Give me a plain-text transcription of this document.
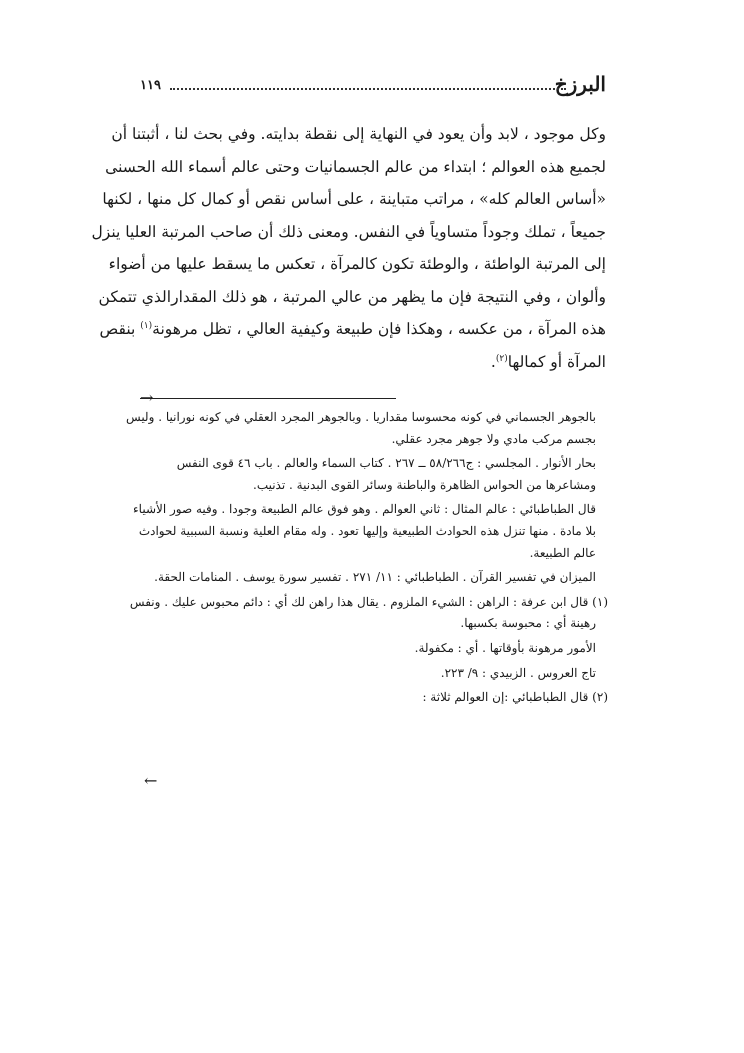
البرزخ
١١٩
وكل موجود ، لابد وأن يعود في النهاية إلى نقطة بدايته. وفي بحث لنا ، أثبتنا أن
لجميع هذه العوالم ؛ ابتداء من عالم الجسمانيات وحتى عالم أسماء الله الحسنى
«أساس العالم كله» ، مراتب متباينة ، على أساس نقص أو كمال كل منها ، لكنها
جميعاً ، تملك وجوداً متساوياً في النفس. ومعنى ذلك أن صاحب المرتبة العليا ينزل
إلى المرتبة الواطئة ، والوطئة تكون كالمرآة ، تعكس ما يسقط عليها من أضواء
وألوان ، وفي النتيجة فإن ما يظهر من عالي المرتبة ، هو ذلك المقدارالذي تتمكن
هذه المرآة ، من عكسه ، وهكذا فإن طبيعة وكيفية العالي ، تظل مرهونة$^{(١)}$ بنقص
المرآة أو كمالها$^{(٢)}$.
→
بالجوهر الجسماني في كونه محسوسا مقداريا . وبالجوهر المجرد العقلي في كونه نورانيا . وليس
بجسم مركب مادي ولا جوهر مجرد عقلي.
بحار الأنوار . المجلسي : ج٥٨/٢٦٦ ــ ٢٦٧ . كتاب السماء والعالم . باب ٤٦ قوى النفس
ومشاعرها من الحواس الظاهرة والباطنة وسائر القوى البدنية . تذنيب.
قال الطباطبائي : عالم المثال : ثاني العوالم . وهو فوق عالم الطبيعة وجودا . وفيه صور الأشياء
بلا مادة . منها تنزل هذه الحوادث الطبيعية وإليها تعود . وله مقام العلية ونسبة السببية لحوادث
عالم الطبيعة.
الميزان في تفسير القرآن . الطباطبائي : ١١/ ٢٧١ . تفسير سورة يوسف . المنامات الحقة.
(١) قال ابن عرفة : الراهن : الشيء الملزوم . يقال هذا راهن لك أي : دائم محبوس عليك . ونفس
رهينة أي : محبوسة بكسبها.
الأمور مرهونة بأوقاتها . أي : مكفولة.
تاج العروس . الزبيدي : ٩/ ٢٢٣.
(٢) قال الطباطبائي :إن العوالم ثلاثة :
←
